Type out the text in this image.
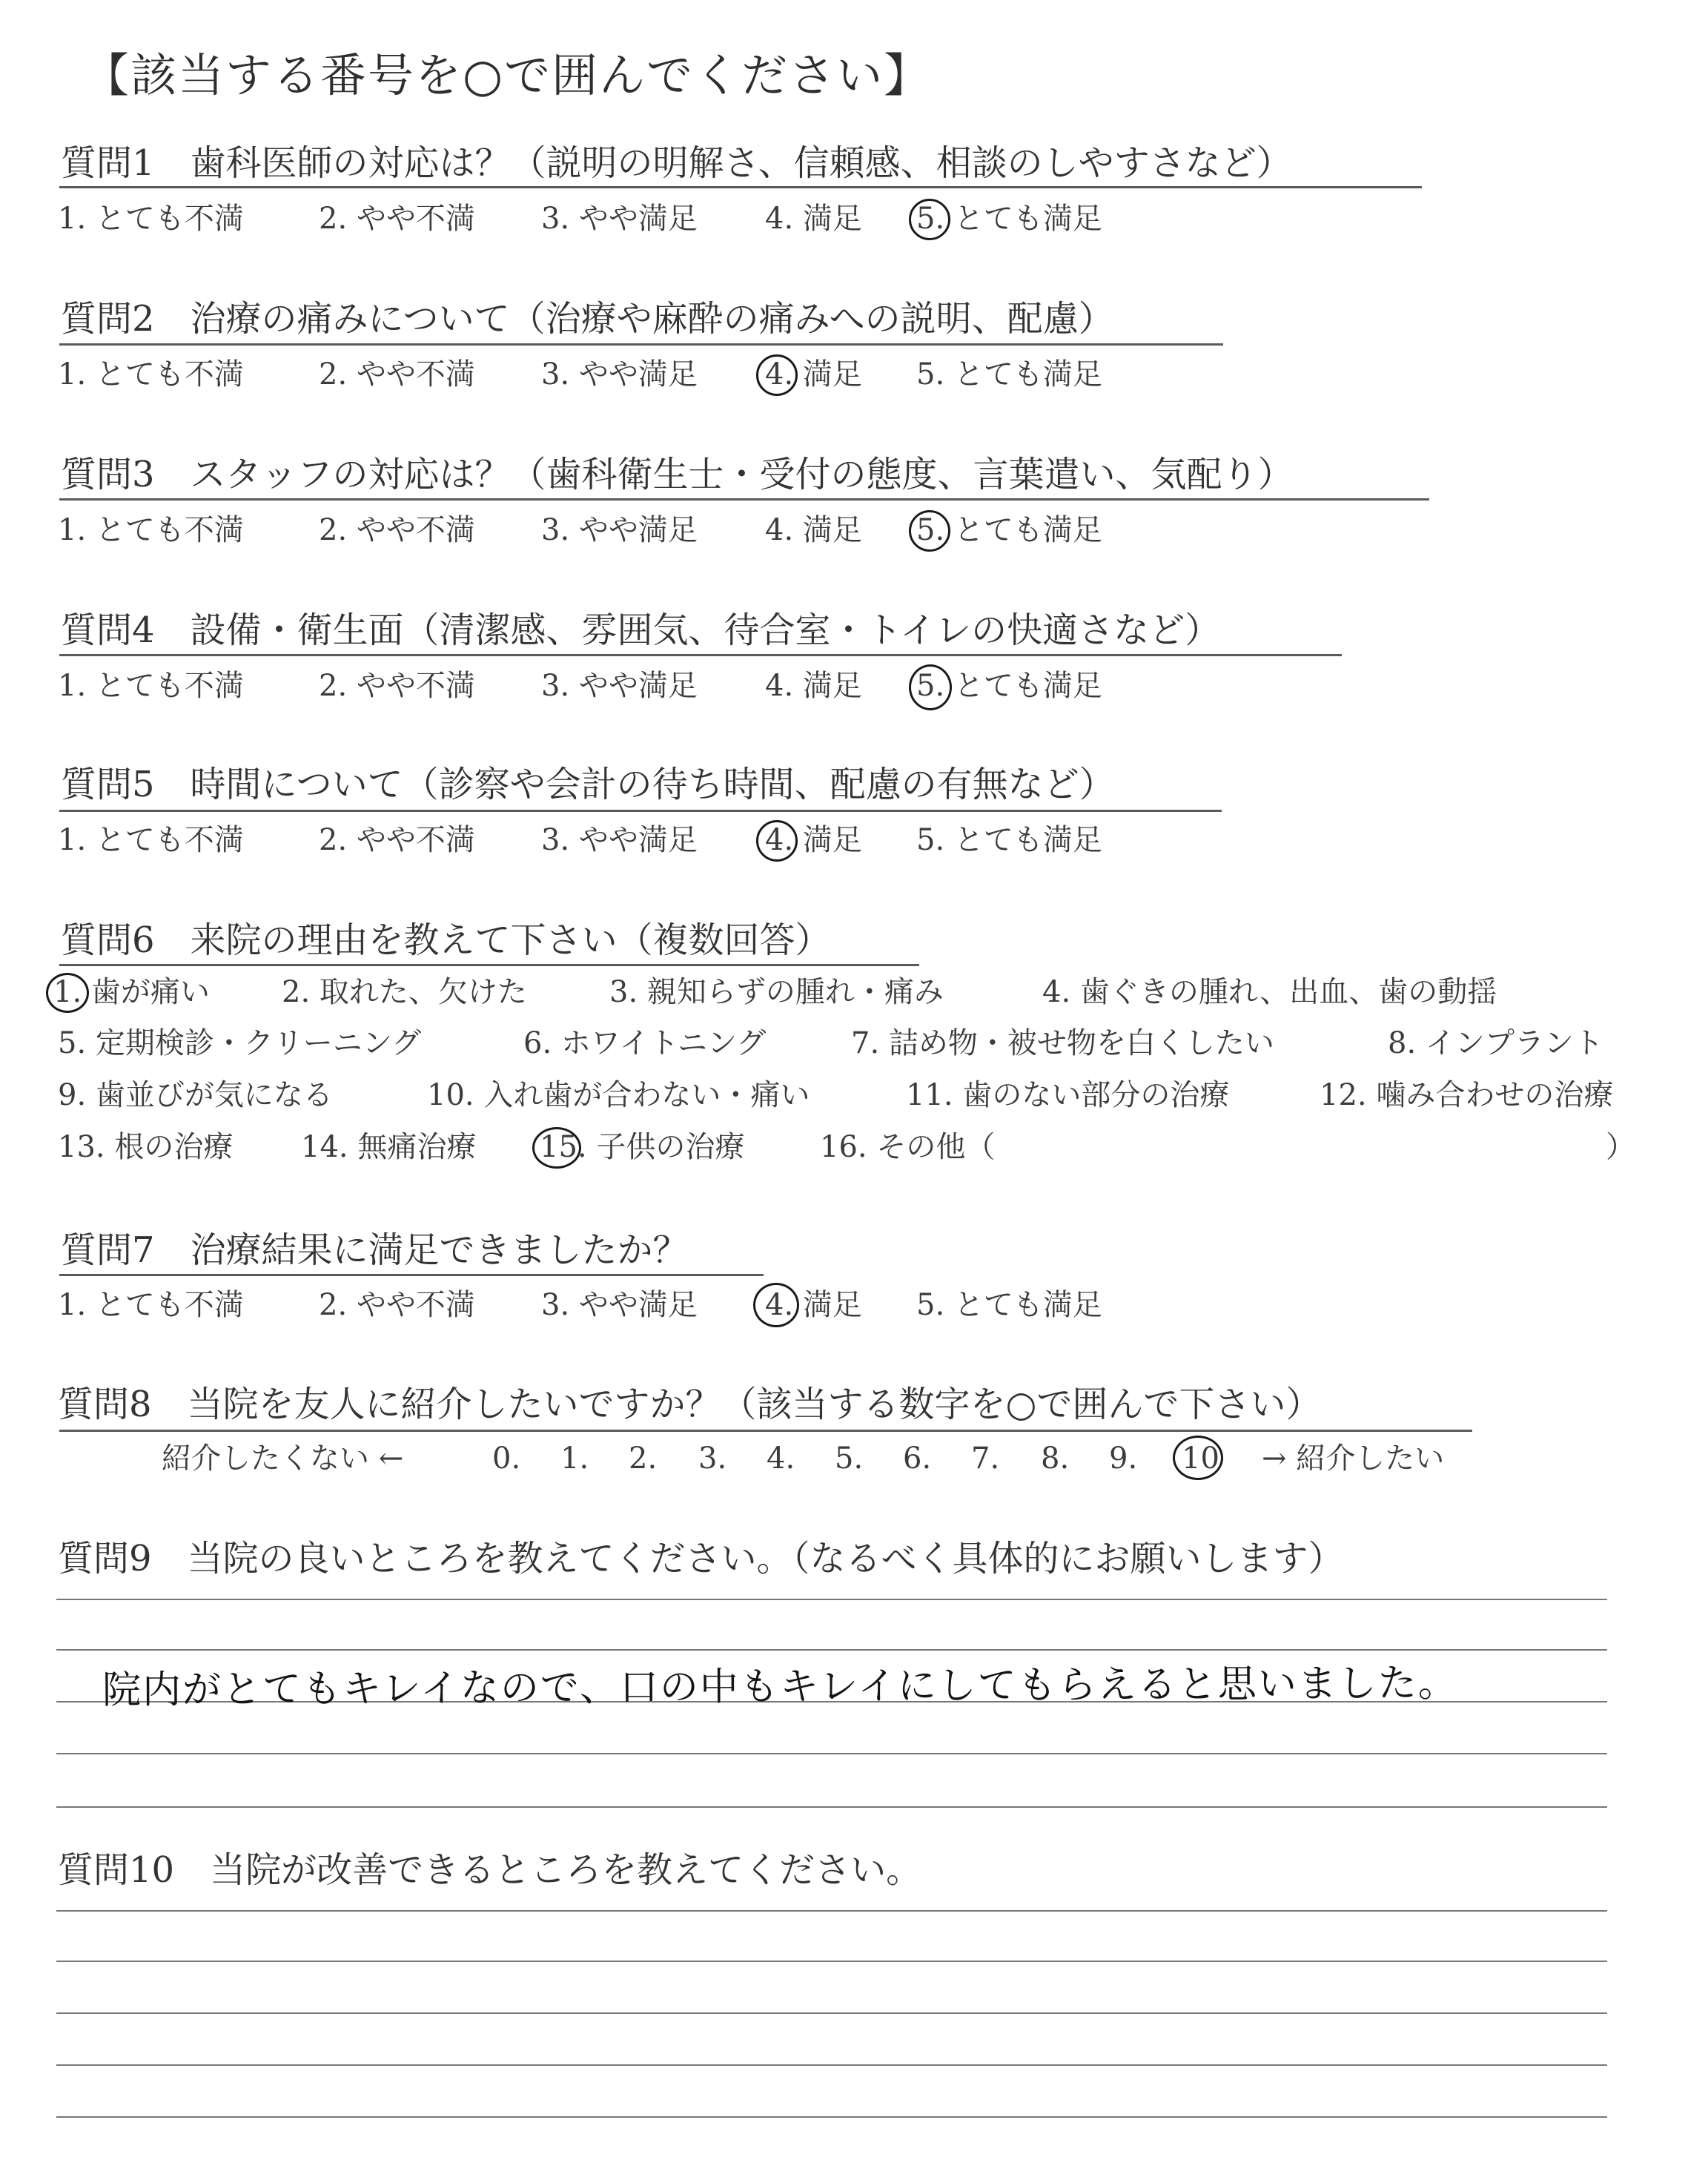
【該当する番号を○で囲んでください】
質問1　歯科医師の対応は？（説明の明解さ、信頼感、相談のしやすさなど）
1. とても不満	2. やや不満 3. やや満足 4. 満足 5. とても満足
質問2　治療の痛みについて（治療や麻酔の痛みへの説明、配慮）
1. とても不満	2. やや不満 3. やや満足 4. 満足 5. とても満足
質問3　スタッフの対応は？（歯科衛生士・受付の態度、言葉遣い、気配り）
1. とても不満	2. やや不満 3. やや満足 4. 満足 5. とても満足
質問4　設備・衛生面（清潔感、雰囲気、待合室・トイレの快適さなど）
1. とても不満	2. やや不満 3. やや満足 4. 満足 5. とても満足
質問5　時間について（診察や会計の待ち時間、配慮の有無など）
1. とても不満	2. やや不満 3. やや満足 4. 満足 5. とても満足
質問6　来院の理由を教えて下さい（複数回答）
1. 歯が痛い 2. 取れた、欠けた	3. 親知らずの腫れ・痛み	4. 歯ぐきの腫れ、出血、歯の動揺
5. 定期検診・クリーニング	6. ホワイトニング	7. 詰め物・被せ物を白くしたい	8. インプラント
9. 歯並びが気になる	10. 入れ歯が合わない・痛い	11. 歯のない部分の治療	12. 噛み合わせの治療
13. 根の治療 14. 無痛治療 15. 子供の治療	16. その他（	）
質問7　治療結果に満足できましたか？
1. とても不満	2. やや不満 3. やや満足 4. 満足 5. とても満足
質問8　当院を友人に紹介したいですか？（該当する数字を○で囲んで下さい）
紹介したくない ←	0. 1. 2. 3. 4. 5. 6. 7. 8. 9. 10 → 紹介したい
質問9　当院の良いところを教えてください。（なるべく具体的にお願いします）
院内がとてもキレイなので、口の中もキレイにしてもらえると思いました。
質問10　当院が改善できるところを教えてください。
